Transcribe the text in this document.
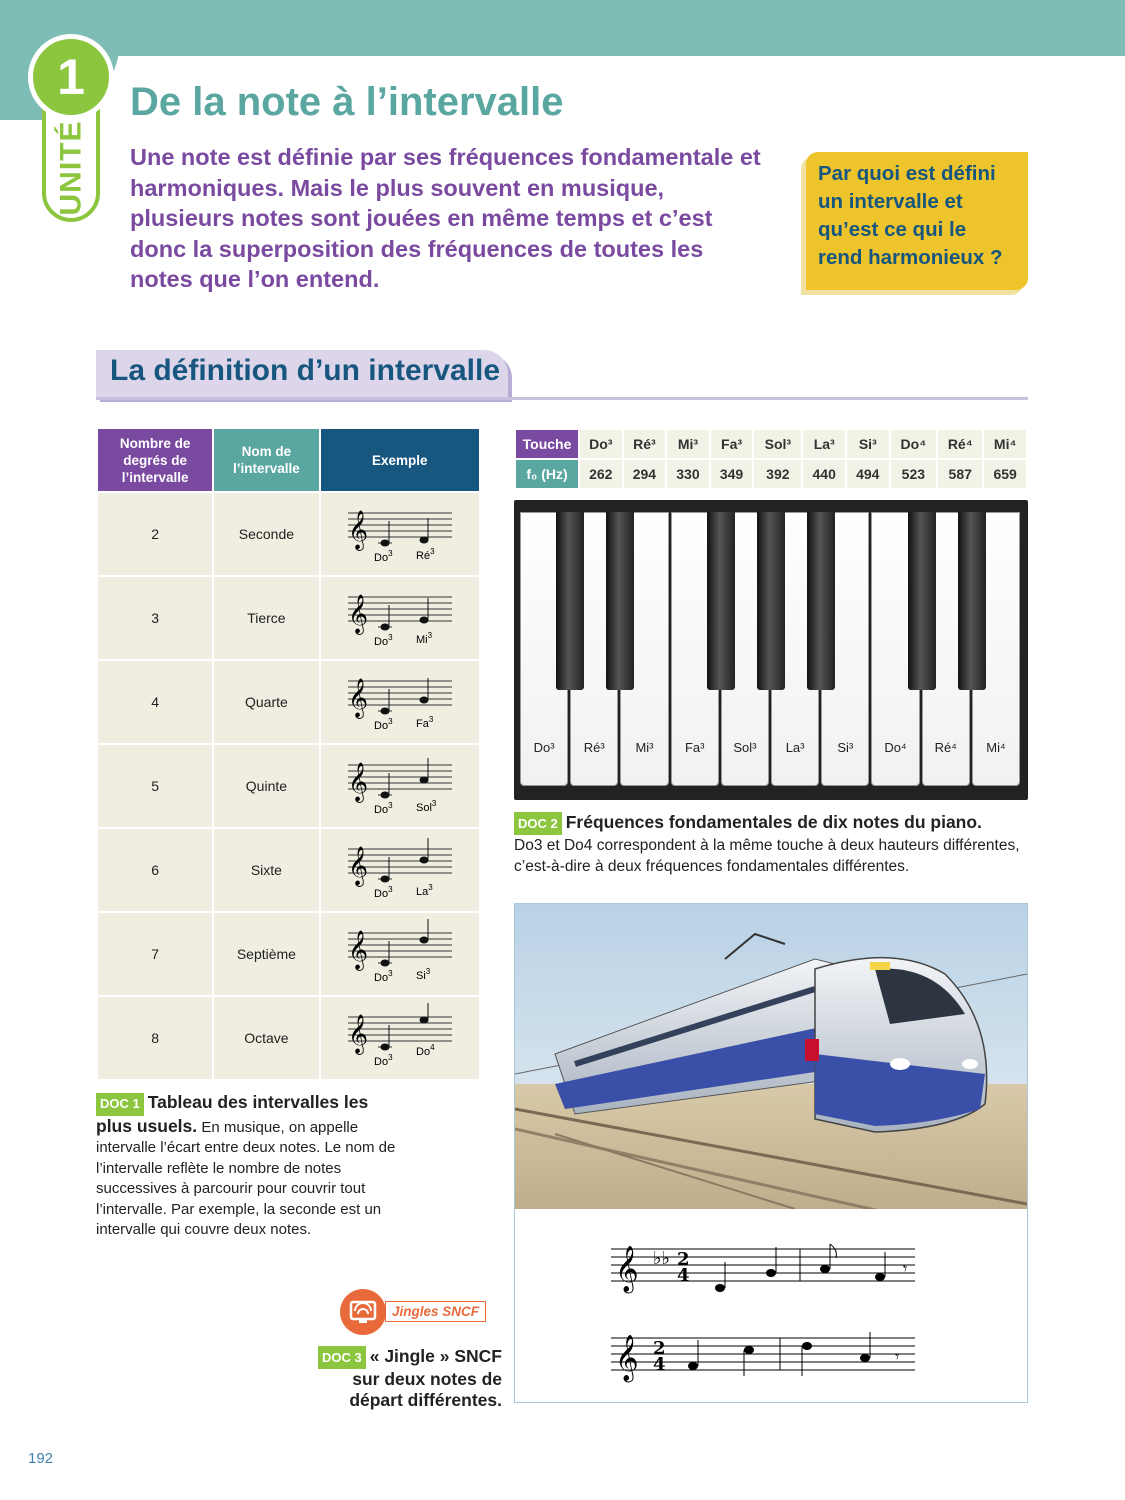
UNITÉ
1 De la note à l’intervalle
Une note est définie par ses fréquences fondamentale et harmoniques. Mais le plus souvent en musique, plusieurs notes sont jouées en même temps et c’est donc la superposition des fréquences de toutes les notes que l’on entend.
Par quoi est défini un intervalle et qu’est ce qui le rend harmonieux ?
La définition d’un intervalle
Nombre de degrés de l’intervalle	Nom de l’intervalle	Exemple
2	Seconde	𝄞
Do$^3$ $Ré^3$

3	Tierce	𝄞
Do$^3$ Mi$^3$

4	Quarte	𝄞
Do$^3$ Fa$^3$

5	Quinte	𝄞
Do$^3$ Sol$^3$

6	Sixte	𝄞
Do$^3$ La$^3$

7	Septième	𝄞
Do$^3$ Si$^3$

8	Octave	𝄞
Do$^3$ Do$^4$
DOC 1 Tableau des intervalles les plus usuels. En musique, on appelle intervalle l’écart entre deux notes. Le nom de l’intervalle reflète le nombre de notes successives à parcourir pour couvrir tout l’intervalle. Par exemple, la seconde est un intervalle qui couvre deux notes.
Touche	Do³	Ré³	Mi³	Fa³	Sol³	La³	Si³	Do⁴	Ré⁴	Mi⁴
f₀ (Hz)	262	294	330	349	392	440	494	523	587	659
Do³	Ré³	Mi³	Fa³	Sol³	La³	Si³	Do⁴	Ré⁴	Mi⁴
DOC 2 Fréquences fondamentales de dix notes du piano.
Do3 et Do4 correspondent à la même touche à deux hauteurs différentes, c’est-à-dire à deux fréquences fondamentales différentes.
𝄞 ♭♭ 2
4	𝄾
𝄞 2
4	𝄾
Jingles SNCF
DOC 3 « Jingle » SNCF sur deux notes de départ différentes.
192
